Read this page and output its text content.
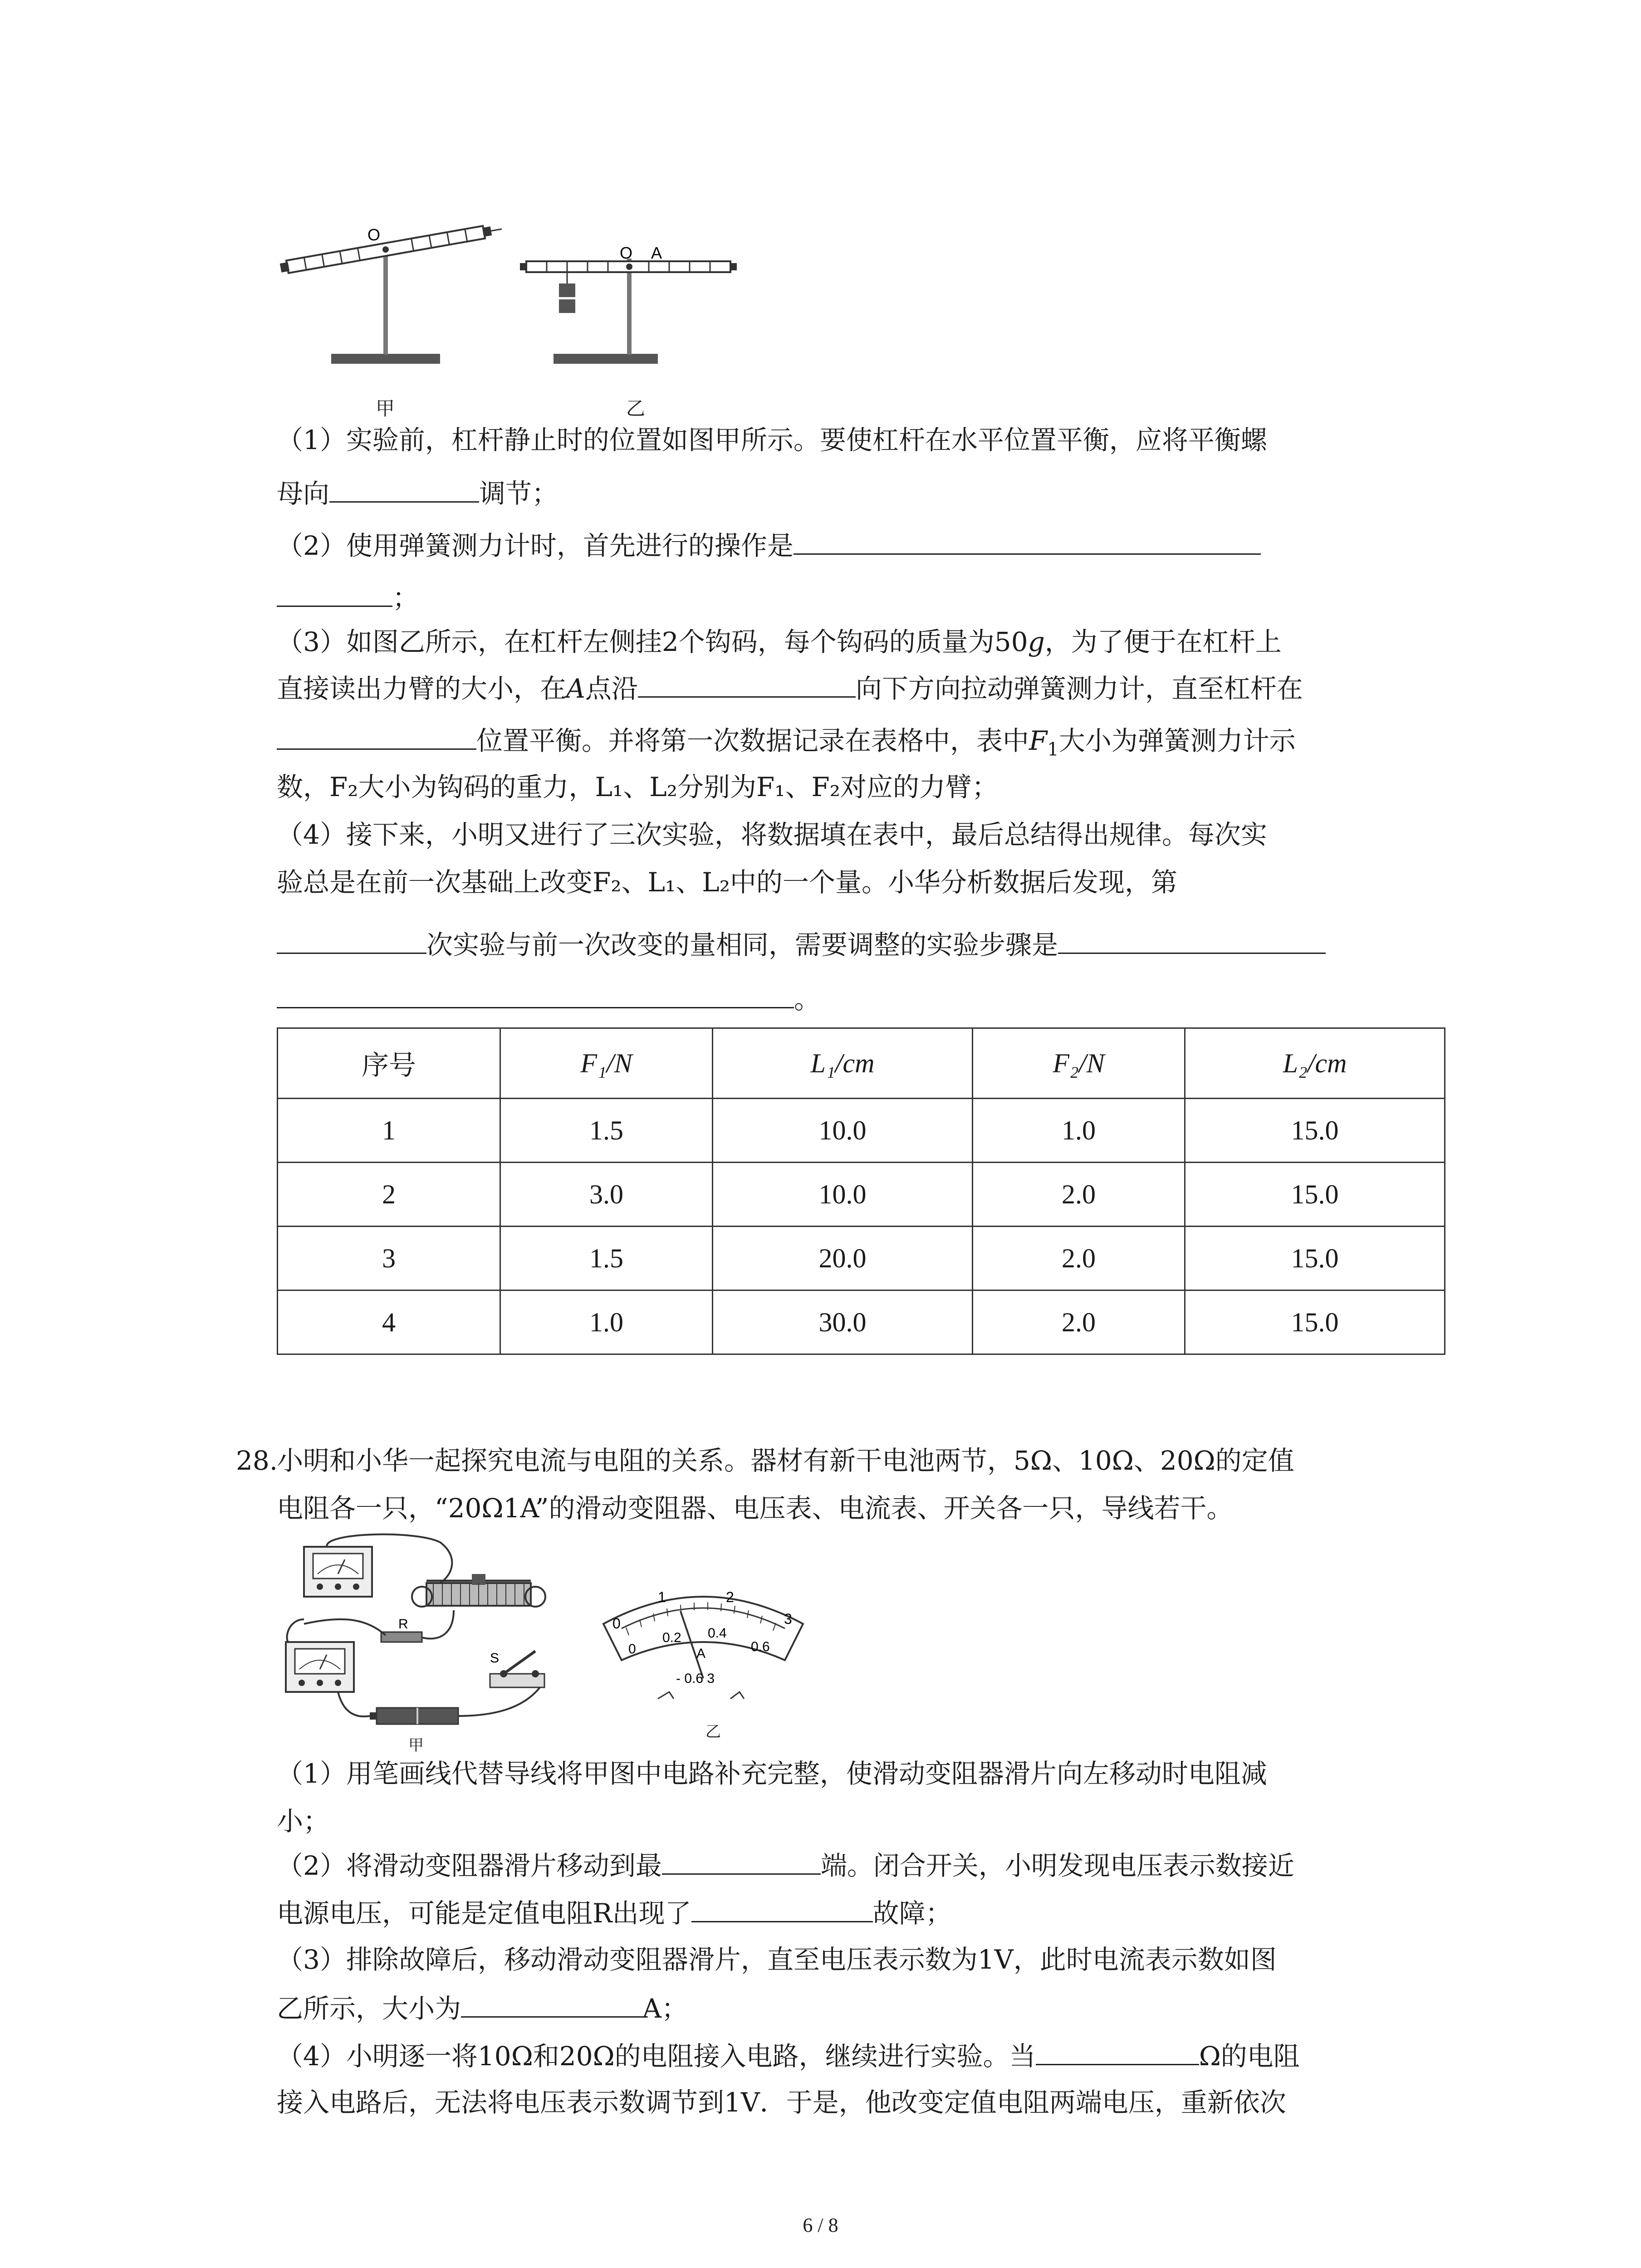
O
O A
甲	乙
（1）实验前，杠杆静止时的位置如图甲所示。要使杠杆在水平位置平衡，应将平衡螺
母向	调节；
（2）使用弹簧测力计时，首先进行的操作是
；
（3）如图乙所示，在杠杆左侧挂2个钩码，每个钩码的质量为50g，为了便于在杠杆上
直接读出力臂的大小，在A点沿	向下方向拉动弹簧测力计，直至杠杆在
位置平衡。并将第一次数据记录在表格中，表中$F_1$大小为弹簧测力计示
数，F₂大小为钩码的重力，L₁、L₂分别为F₁、F₂对应的力臂；
（4）接下来，小明又进行了三次实验，将数据填在表中，最后总结得出规律。每次实
验总是在前一次基础上改变F₂、L₁、L₂中的一个量。小华分析数据后发现，第
次实验与前一次改变的量相同，需要调整的实验步骤是
。
序号	F₁/N	L₁/cm	F₂/N	L₂/cm
1	1.5	10.0	1.0	15.0
2	3.0	10.0	2.0	15.0
3	1.5	20.0	2.0	15.0
4	1.0	30.0	2.0	15.0
28.
小明和小华一起探究电流与电阻的关系。器材有新干电池两节，5Ω、10Ω、20Ω的定值
电阻各一只，“20Ω1A”的滑动变阻器、电压表、电流表、开关各一只，导线若干。
R
S
甲
0
1	2
3
0
0.2 0.4
0.6
A
- 0.6 3
乙
（1）用笔画线代替导线将甲图中电路补充完整，使滑动变阻器滑片向左移动时电阻减
小；
（2）将滑动变阻器滑片移动到最	端。闭合开关，小明发现电压表示数接近
电源电压，可能是定值电阻R出现了	故障；
（3）排除故障后，移动滑动变阻器滑片，直至电压表示数为1V，此时电流表示数如图
乙所示，大小为	A；
（4）小明逐一将10Ω和20Ω的电阻接入电路，继续进行实验。当	Ω的电阻
接入电路后，无法将电压表示数调节到1V．于是，他改变定值电阻两端电压，重新依次
6 / 8
